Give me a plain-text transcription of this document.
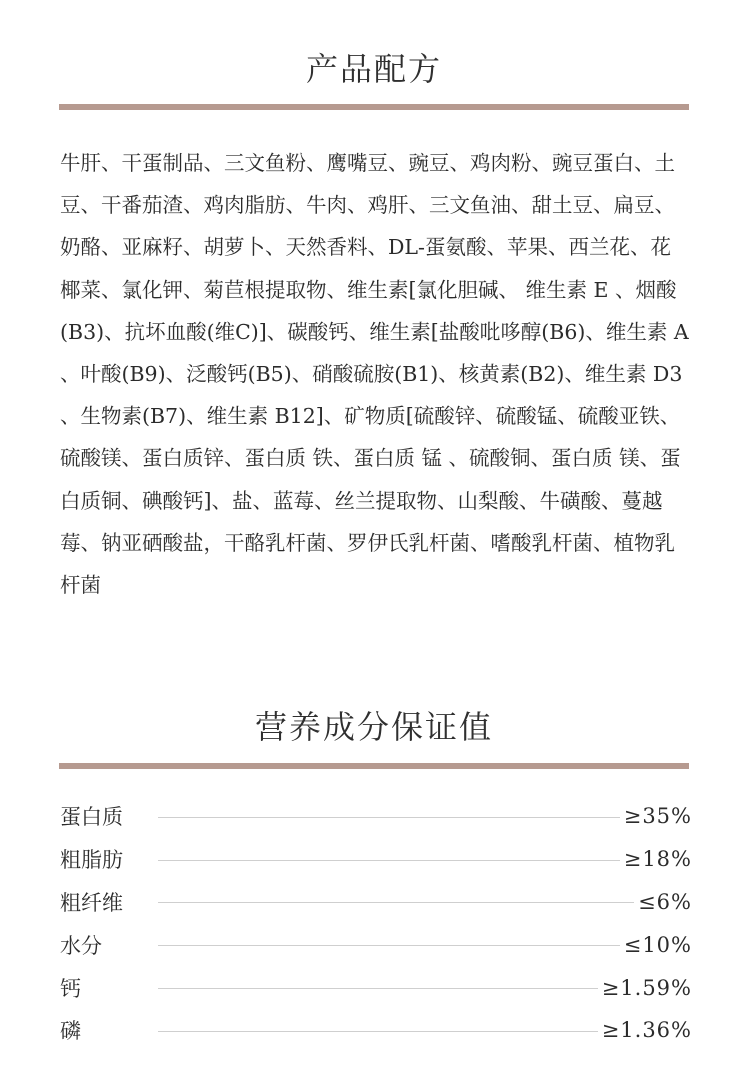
产品配方

牛肝、干蛋制品、三文鱼粉、鹰嘴豆、豌豆、鸡肉粉、豌豆蛋白、土豆、干番茄渣、鸡肉脂肪、牛肉、鸡肝、三文鱼油、甜土豆、扁豆、奶酪、亚麻籽、胡萝卜、天然香料、DL-蛋氨酸、苹果、西兰花、花椰菜、氯化钾、菊苣根提取物、维生素[氯化胆碱、 维生素 E 、烟酸(B3)、抗坏血酸(维C)]、碳酸钙、维生素[盐酸吡哆醇(B6)、维生素 A 、叶酸(B9)、泛酸钙(B5)、硝酸硫胺(B1)、核黄素(B2)、维生素 D3 、生物素(B7)、维生素 B12]、矿物质[硫酸锌、硫酸锰、硫酸亚铁、硫酸镁、蛋白质锌、蛋白质 铁、蛋白质 锰 、硫酸铜、蛋白质 镁、蛋白质铜、碘酸钙]、盐、蓝莓、丝兰提取物、山梨酸、牛磺酸、蔓越莓、钠亚硒酸盐，干酪乳杆菌、罗伊氏乳杆菌、嗜酸乳杆菌、植物乳杆菌

营养成分保证值
蛋白质	≥35%
粗脂肪	≥18%
粗纤维	≤6%
水分	≤10%
钙	≥1.59%
磷	≥1.36%
